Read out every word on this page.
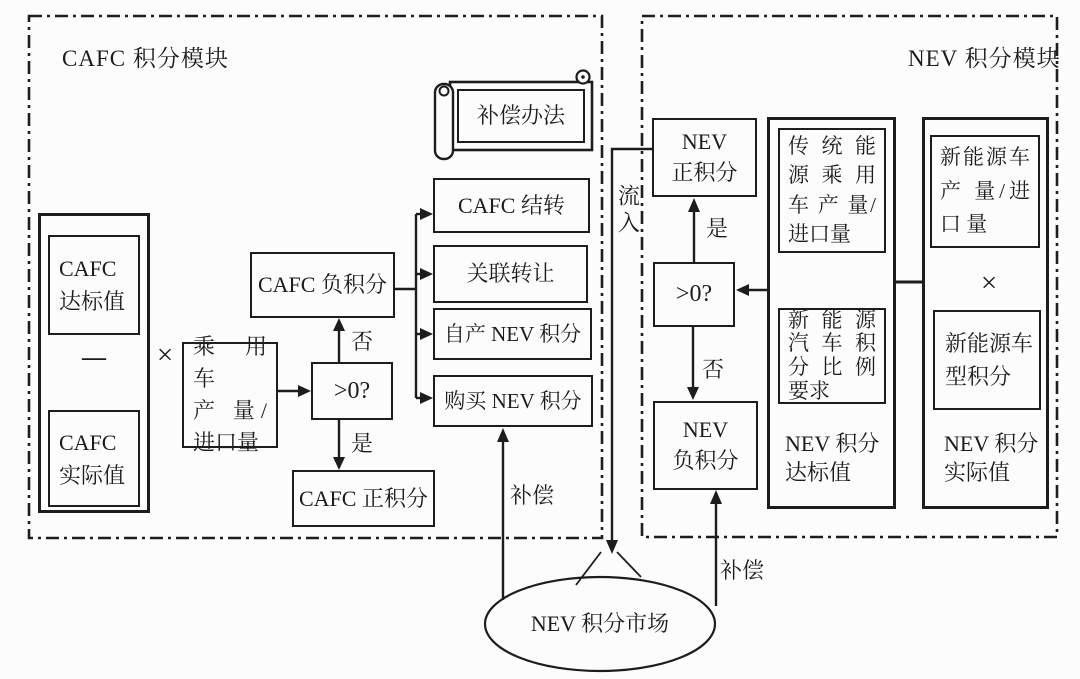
CAFC 积分模块
CAFC
达标值
—
CAFC
实际值
× 乘 用 车
产 量/
进口量
>0?
否
是
CAFC 负积分
CAFC 正积分
补偿办法
CAFC 结转
关联转让
自产 NEV 积分
购买 NEV 积分
补偿
流入
NEV 积分模块
NEV
正积分
是
>0?
否
NEV
负积分
传 统 能
源 乘 用
车 产 量/
进口量
新 能 源
汽 车 积
分 比 例
要求
NEV 积分
达标值
新能源车
产 量/进
口 量
×
新能源车
型积分
NEV 积分
实际值
补偿
NEV 积分市场
